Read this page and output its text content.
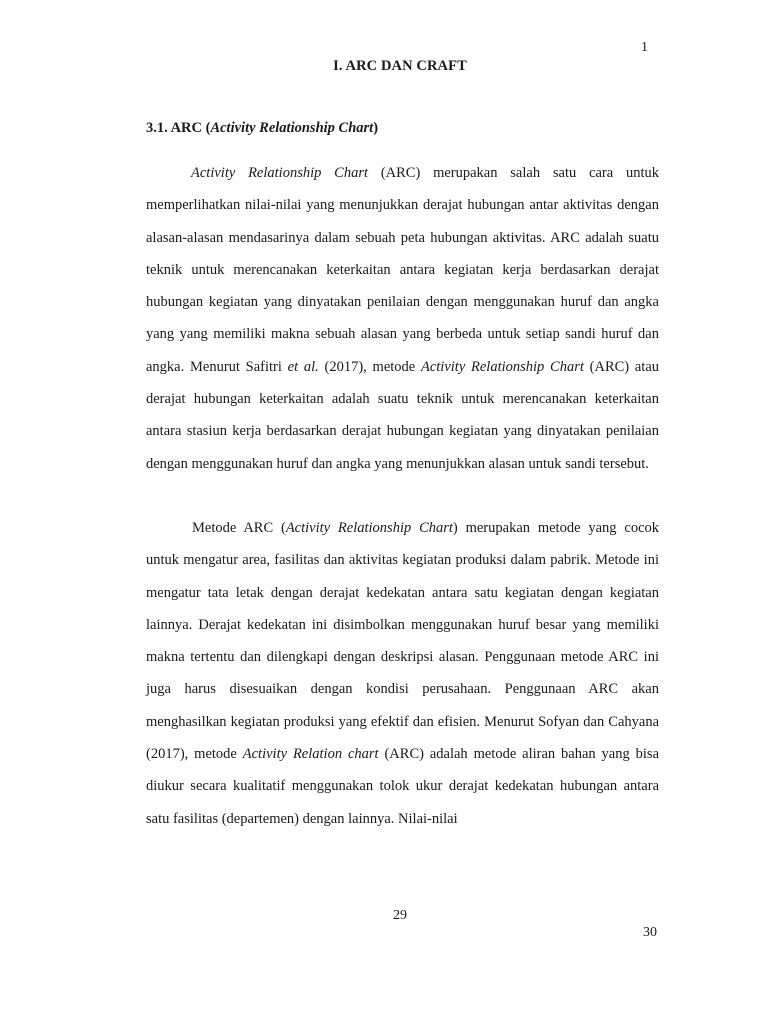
1
I. ARC DAN CRAFT
3.1. ARC (Activity Relationship Chart)
Activity Relationship Chart (ARC) merupakan salah satu cara untuk memperlihatkan nilai-nilai yang menunjukkan derajat hubungan antar aktivitas dengan alasan-alasan mendasarinya dalam sebuah peta hubungan aktivitas. ARC adalah suatu teknik untuk merencanakan keterkaitan antara kegiatan kerja berdasarkan derajat hubungan kegiatan yang dinyatakan penilaian dengan menggunakan huruf dan angka yang yang memiliki makna sebuah alasan yang berbeda untuk setiap sandi huruf dan angka. Menurut Safitri et al. (2017), metode Activity Relationship Chart (ARC) atau derajat hubungan keterkaitan adalah suatu teknik untuk merencanakan keterkaitan antara stasiun kerja berdasarkan derajat hubungan kegiatan yang dinyatakan penilaian dengan menggunakan huruf dan angka yang menunjukkan alasan untuk sandi tersebut.
Metode ARC (Activity Relationship Chart) merupakan metode yang cocok untuk mengatur area, fasilitas dan aktivitas kegiatan produksi dalam pabrik. Metode ini mengatur tata letak dengan derajat kedekatan antara satu kegiatan dengan kegiatan lainnya. Derajat kedekatan ini disimbolkan menggunakan huruf besar yang memiliki makna tertentu dan dilengkapi dengan deskripsi alasan. Penggunaan metode ARC ini juga harus disesuaikan dengan kondisi perusahaan. Penggunaan ARC akan menghasilkan kegiatan produksi yang efektif dan efisien. Menurut Sofyan dan Cahyana (2017), metode Activity Relation chart (ARC) adalah metode aliran bahan yang bisa diukur secara kualitatif menggunakan tolok ukur derajat kedekatan hubungan antara satu fasilitas (departemen) dengan lainnya. Nilai-nilai
29
30
